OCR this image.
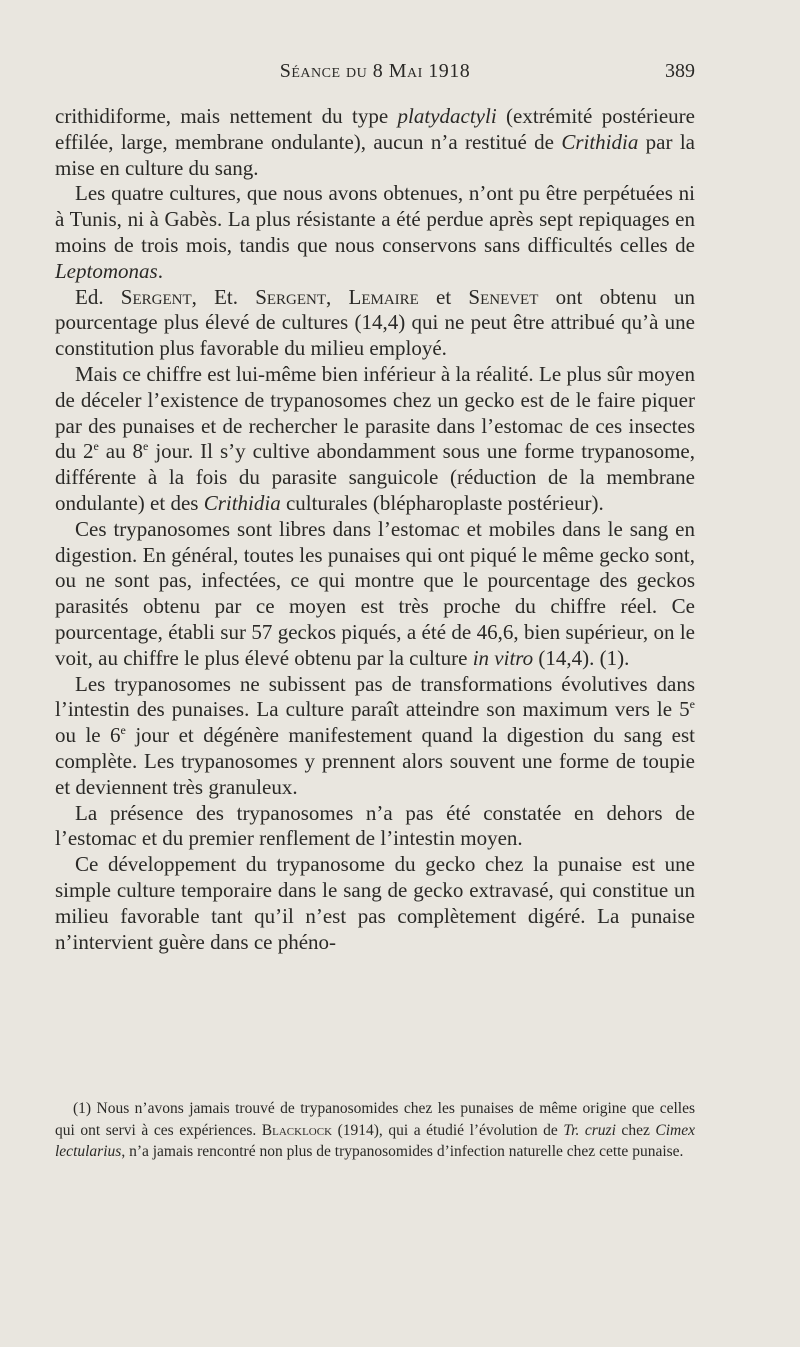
Séance du 8 Mai 1918	389

crithidiforme, mais nettement du type platydactyli (extrémité postérieure effilée, large, membrane ondulante), aucun n’a restitué de Crithidia par la mise en culture du sang.

Les quatre cultures, que nous avons obtenues, n’ont pu être perpétuées ni à Tunis, ni à Gabès. La plus résistante a été perdue après sept repiquages en moins de trois mois, tandis que nous conservons sans difficultés celles de Leptomonas.

Ed. Sergent, Et. Sergent, Lemaire et Senevet ont obtenu un pourcentage plus élevé de cultures (14,4) qui ne peut être attribué qu’à une constitution plus favorable du milieu employé.

Mais ce chiffre est lui-même bien inférieur à la réalité. Le plus sûr moyen de déceler l’existence de trypanosomes chez un gecko est de le faire piquer par des punaises et de rechercher le parasite dans l’estomac de ces insectes du 2e au 8e jour. Il s’y cultive abondamment sous une forme trypanosome, différente à la fois du parasite sanguicole (réduction de la membrane ondulante) et des Crithidia culturales (blépharoplaste postérieur).

Ces trypanosomes sont libres dans l’estomac et mobiles dans le sang en digestion. En général, toutes les punaises qui ont piqué le même gecko sont, ou ne sont pas, infectées, ce qui montre que le pourcentage des geckos parasités obtenu par ce moyen est très proche du chiffre réel. Ce pourcentage, établi sur 57 geckos piqués, a été de 46,6, bien supérieur, on le voit, au chiffre le plus élevé obtenu par la culture in vitro (14,4). (1).

Les trypanosomes ne subissent pas de transformations évolutives dans l’intestin des punaises. La culture paraît atteindre son maximum vers le 5e ou le 6e jour et dégénère manifestement quand la digestion du sang est complète. Les trypanosomes y prennent alors souvent une forme de toupie et deviennent très granuleux.

La présence des trypanosomes n’a pas été constatée en dehors de l’estomac et du premier renflement de l’intestin moyen.

Ce développement du trypanosome du gecko chez la punaise est une simple culture temporaire dans le sang de gecko extravasé, qui constitue un milieu favorable tant qu’il n’est pas complètement digéré. La punaise n’intervient guère dans ce phéno-

(1) Nous n’avons jamais trouvé de trypanosomides chez les punaises de même origine que celles qui ont servi à ces expériences. Blacklock (1914), qui a étudié l’évolution de Tr. cruzi chez Cimex lectularius, n’a jamais rencontré non plus de trypanosomides d’infection naturelle chez cette punaise.
